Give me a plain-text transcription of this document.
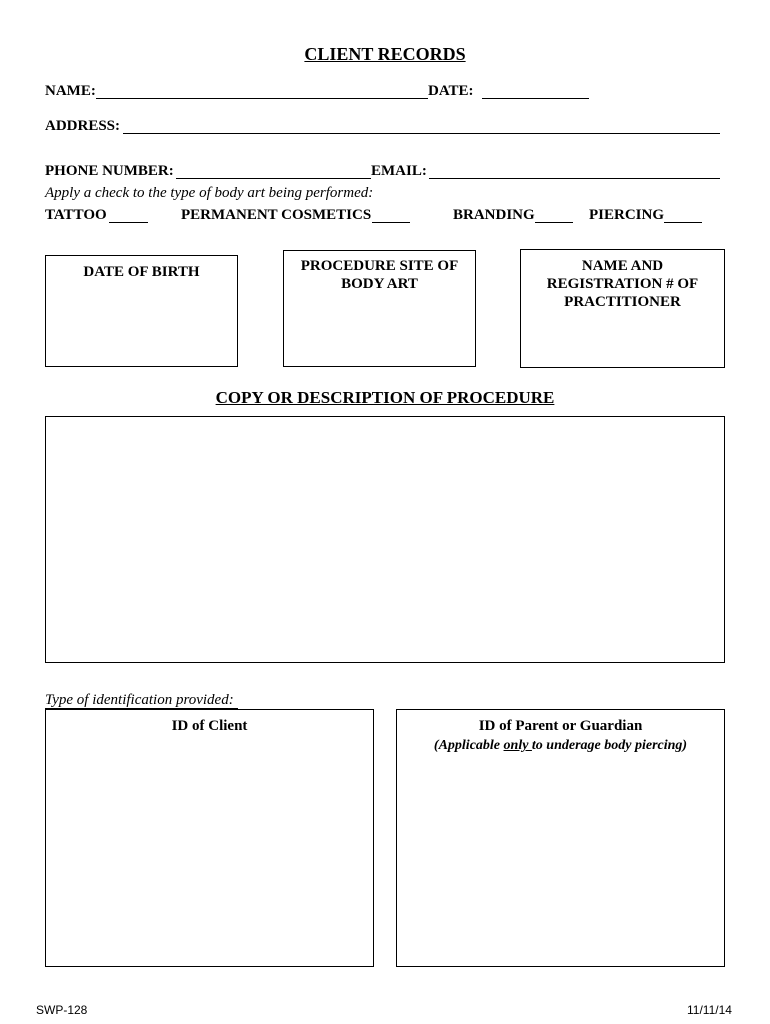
CLIENT RECORDS
NAME:	DATE:
ADDRESS:
PHONE NUMBER:	EMAIL:
Apply a check to the type of body art being performed:
TATTOO	PERMANENT COSMETICS	BRANDING	PIERCING
DATE OF BIRTH	PROCEDURE SITE OF BODY ART
NAME AND REGISTRATION # OF PRACTITIONER
COPY OR DESCRIPTION OF PROCEDURE
Type of identification provided:
ID of Client	ID of Parent or Guardian
(Applicable only to underage body piercing)
SWP-128	11/11/14
